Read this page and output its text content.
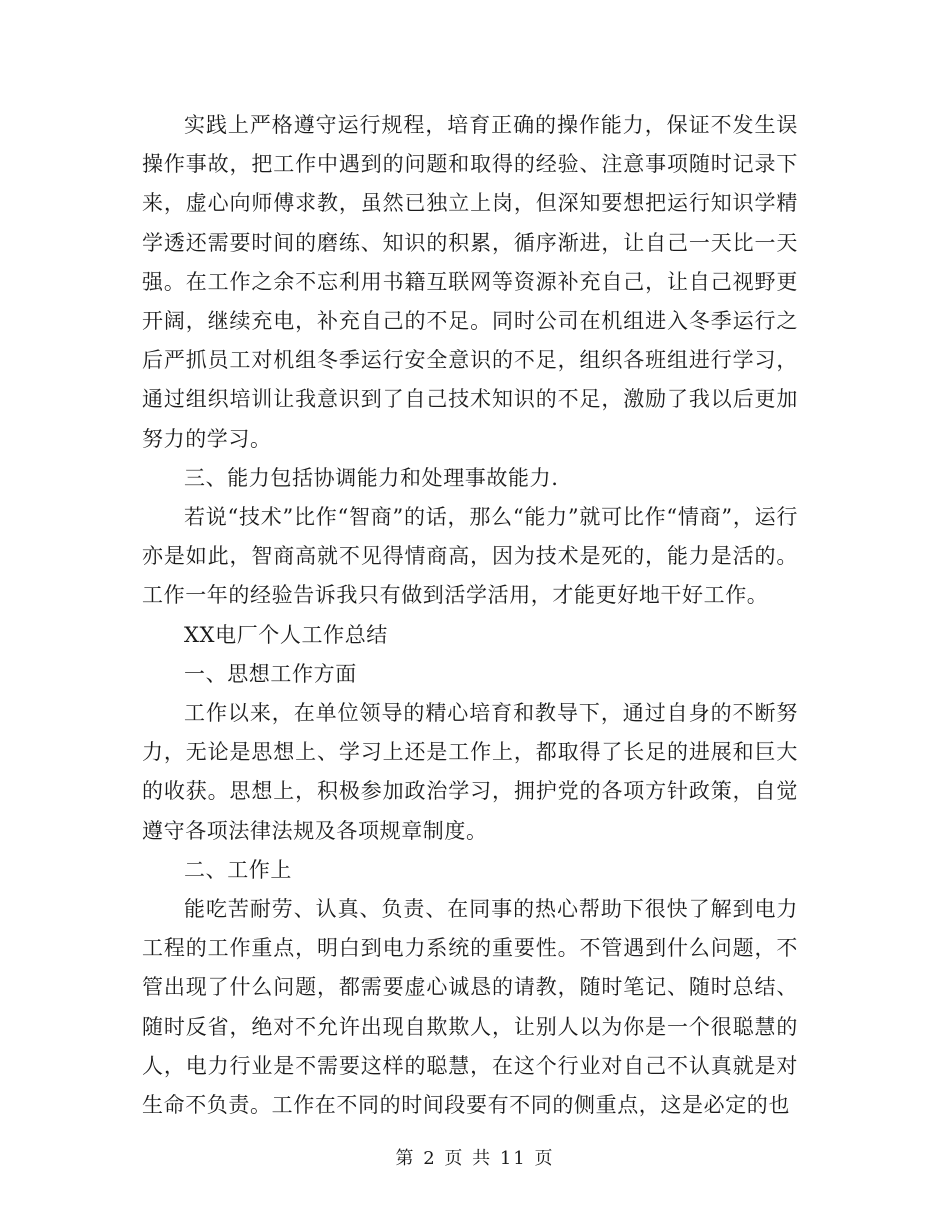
实践上严格遵守运行规程，培育正确的操作能力，保证不发生误操作事故，把工作中遇到的问题和取得的经验、注意事项随时记录下来，虚心向师傅求教，虽然已独立上岗，但深知要想把运行知识学精学透还需要时间的磨练、知识的积累，循序渐进，让自己一天比一天强。在工作之余不忘利用书籍互联网等资源补充自己，让自己视野更开阔，继续充电，补充自己的不足。同时公司在机组进入冬季运行之后严抓员工对机组冬季运行安全意识的不足，组织各班组进行学习，通过组织培训让我意识到了自己技术知识的不足，激励了我以后更加努力的学习。

三、能力包括协调能力和处理事故能力.

若说“技术”比作“智商”的话，那么“能力”就可比作“情商”，运行亦是如此，智商高就不见得情商高，因为技术是死的，能力是活的。工作一年的经验告诉我只有做到活学活用，才能更好地干好工作。

XX电厂个人工作总结

一、思想工作方面

工作以来，在单位领导的精心培育和教导下，通过自身的不断努力，无论是思想上、学习上还是工作上，都取得了长足的进展和巨大的收获。思想上，积极参加政治学习，拥护党的各项方针政策，自觉遵守各项法律法规及各项规章制度。

二、工作上

能吃苦耐劳、认真、负责、在同事的热心帮助下很快了解到电力工程的工作重点，明白到电力系统的重要性。不管遇到什么问题，不管出现了什么问题，都需要虚心诚恳的请教，随时笔记、随时总结、随时反省，绝对不允许出现自欺欺人，让别人以为你是一个很聪慧的人，电力行业是不需要这样的聪慧，在这个行业对自己不认真就是对生命不负责。工作在不同的时间段要有不同的侧重点，这是必定的也

第 2 页 共 11 页
